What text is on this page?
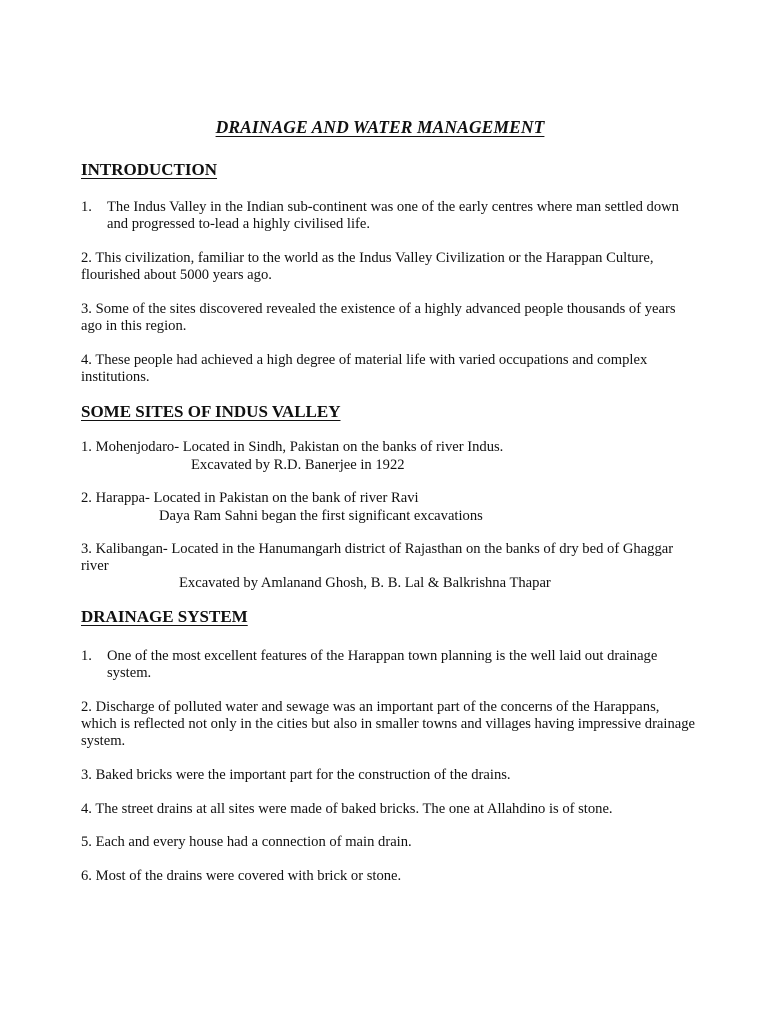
DRAINAGE AND WATER MANAGEMENT
INTRODUCTION
1. The Indus Valley in the Indian sub-continent was one of the early centres where man settled down and progressed to-lead a highly civilised life.
2. This civilization, familiar to the world as the Indus Valley Civilization or the Harappan Culture, flourished about 5000 years ago.
3. Some of the sites discovered revealed the existence of a highly advanced people thousands of years ago in this region.
4. These people had achieved a high degree of material life with varied occupations and complex institutions.
SOME SITES OF INDUS VALLEY
1. Mohenjodaro- Located in Sindh, Pakistan on the banks of river Indus.
Excavated by R.D. Banerjee in 1922
2. Harappa- Located in Pakistan on the bank of river Ravi
Daya Ram Sahni began the first significant excavations
3. Kalibangan- Located in the Hanumangarh district of Rajasthan on the banks of dry bed of Ghaggar river
Excavated by Amlanand Ghosh, B. B. Lal & Balkrishna Thapar
DRAINAGE SYSTEM
1. One of the most excellent features of the Harappan town planning is the well laid out drainage system.
2. Discharge of polluted water and sewage was an important part of the concerns of the Harappans, which is reflected not only in the cities but also in smaller towns and villages having impressive drainage system.
3. Baked bricks were the important part for the construction of the drains.
4. The street drains at all sites were made of baked bricks. The one at Allahdino is of stone.
5. Each and every house had a connection of main drain.
6. Most of the drains were covered with brick or stone.
